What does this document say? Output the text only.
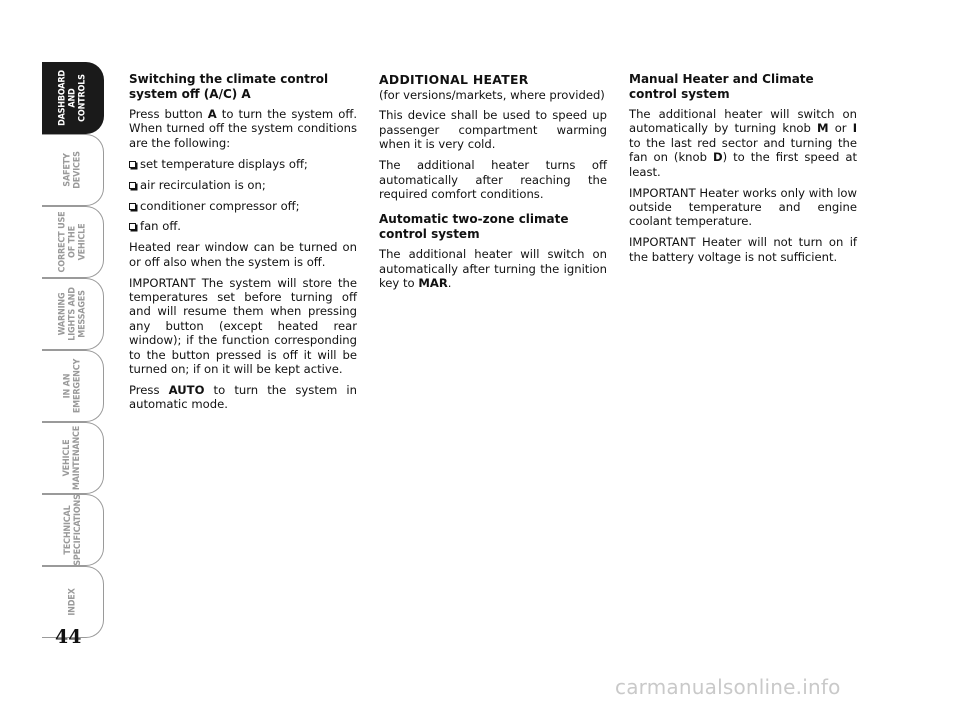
DASHBOARD
AND
CONTROLS
SAFETY
DEVICES
CORRECT USE
OF THE VEHICLE
WARNING
LIGHTS AND
MESSAGES
IN AN
EMERGENCY
VEHICLE
MAINTENANCE
TECHNICAL
SPECIFICATIONS
INDEX
44
Switching the climate control system off (A/C) A

Press button A to turn the system off. When turned off the system conditions are the following:

set temperature displays off;

air recirculation is on;

conditioner compressor off;

fan off.

Heated rear window can be turned on or off also when the system is off.

IMPORTANT The system will store the temperatures set before turning off and will resume them when pressing any button (except heated rear window); if the function corresponding to the button pressed is off it will be turned on; if on it will be kept active.

Press AUTO to turn the system in automatic mode.

ADDITIONAL HEATER

(for versions/markets, where provided)

This device shall be used to speed up passenger compartment warming when it is very cold.

The additional heater turns off automatically after reaching the required comfort conditions.

Automatic two-zone climate control system

The additional heater will switch on automatically after turning the ignition key to MAR.

Manual Heater and Climate control system

The additional heater will switch on automatically by turning knob M or I to the last red sector and turning the fan on (knob D) to the first speed at least.

IMPORTANT Heater works only with low outside temperature and engine coolant temperature.

IMPORTANT Heater will not turn on if the battery voltage is not sufficient.

carmanualsonline.info
